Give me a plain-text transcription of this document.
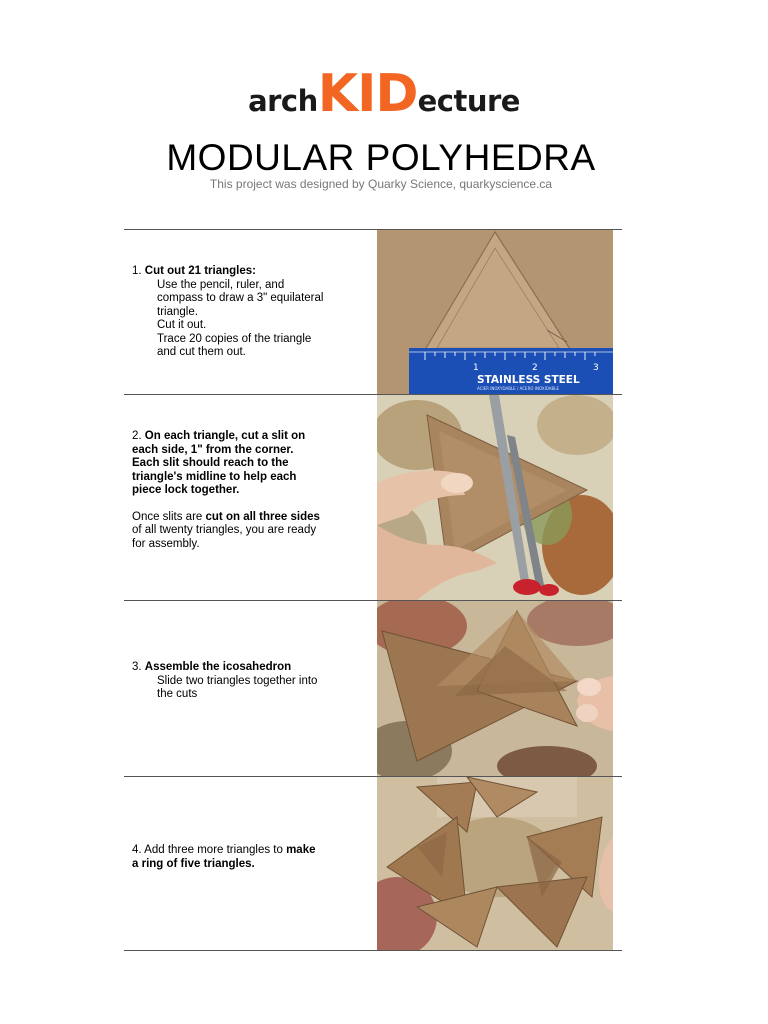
archKIDecture
MODULAR POLYHEDRA
This project was designed by Quarky Science, quarkyscience.ca

1. Cut out 21 triangles:

Use the pencil, ruler, and

compass to draw a 3" equilateral

triangle.

Cut it out.

Trace 20 copies of the triangle

and cut them out.

1	2	3
STAINLESS STEEL
ACIER INOXYDABLE / ACERO INOXIDABLE

2. On each triangle, cut a slit on

each side, 1" from the corner.

Each slit should reach to the

triangle's midline to help each

piece lock together.

Once slits are cut on all three sides

of all twenty triangles, you are ready

for assembly.

3. Assemble the icosahedron

Slide two triangles together into

the cuts

4. Add three more triangles to make

a ring of five triangles.
